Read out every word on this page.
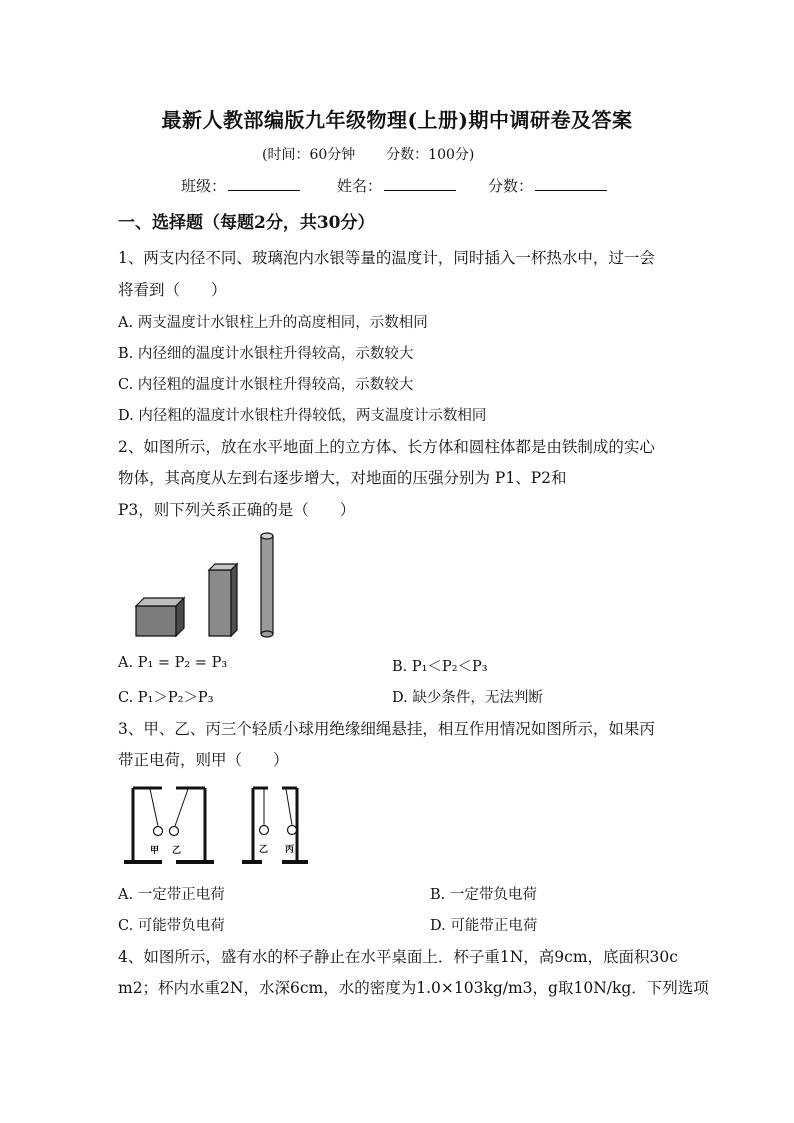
最新人教部编版九年级物理(上册)期中调研卷及答案
(时间：60分钟 分数：100分)
班级：	姓名：	分数：
一、选择题（每题2分，共30分）
1、两支内径不同、玻璃泡内水银等量的温度计，同时插入一杯热水中，过一会
将看到（　　）
A. 两支温度计水银柱上升的高度相同，示数相同
B. 内径细的温度计水银柱升得较高，示数较大
C. 内径粗的温度计水银柱升得较高，示数较大
D. 内径粗的温度计水银柱升得较低，两支温度计示数相同
2、如图所示，放在水平地面上的立方体、长方体和圆柱体都是由铁制成的实心
物体，其高度从左到右逐步增大，对地面的压强分别为 P1、P2和
P3，则下列关系正确的是（　　）
A. P₁ = P₂ = P₃	B. P₁＜P₂＜P₃
C. P₁＞P₂＞P₃	D. 缺少条件，无法判断
3、甲、乙、丙三个轻质小球用绝缘细绳悬挂，相互作用情况如图所示，如果丙
带正电荷，则甲（　　）
甲 乙	乙 丙
A. 一定带正电荷	B. 一定带负电荷
C. 可能带负电荷	D. 可能带正电荷
4、如图所示，盛有水的杯子静止在水平桌面上．杯子重1N，高9cm，底面积30c
m2；杯内水重2N，水深6cm，水的密度为1.0×103kg/m3，g取10N/kg．下列选项
